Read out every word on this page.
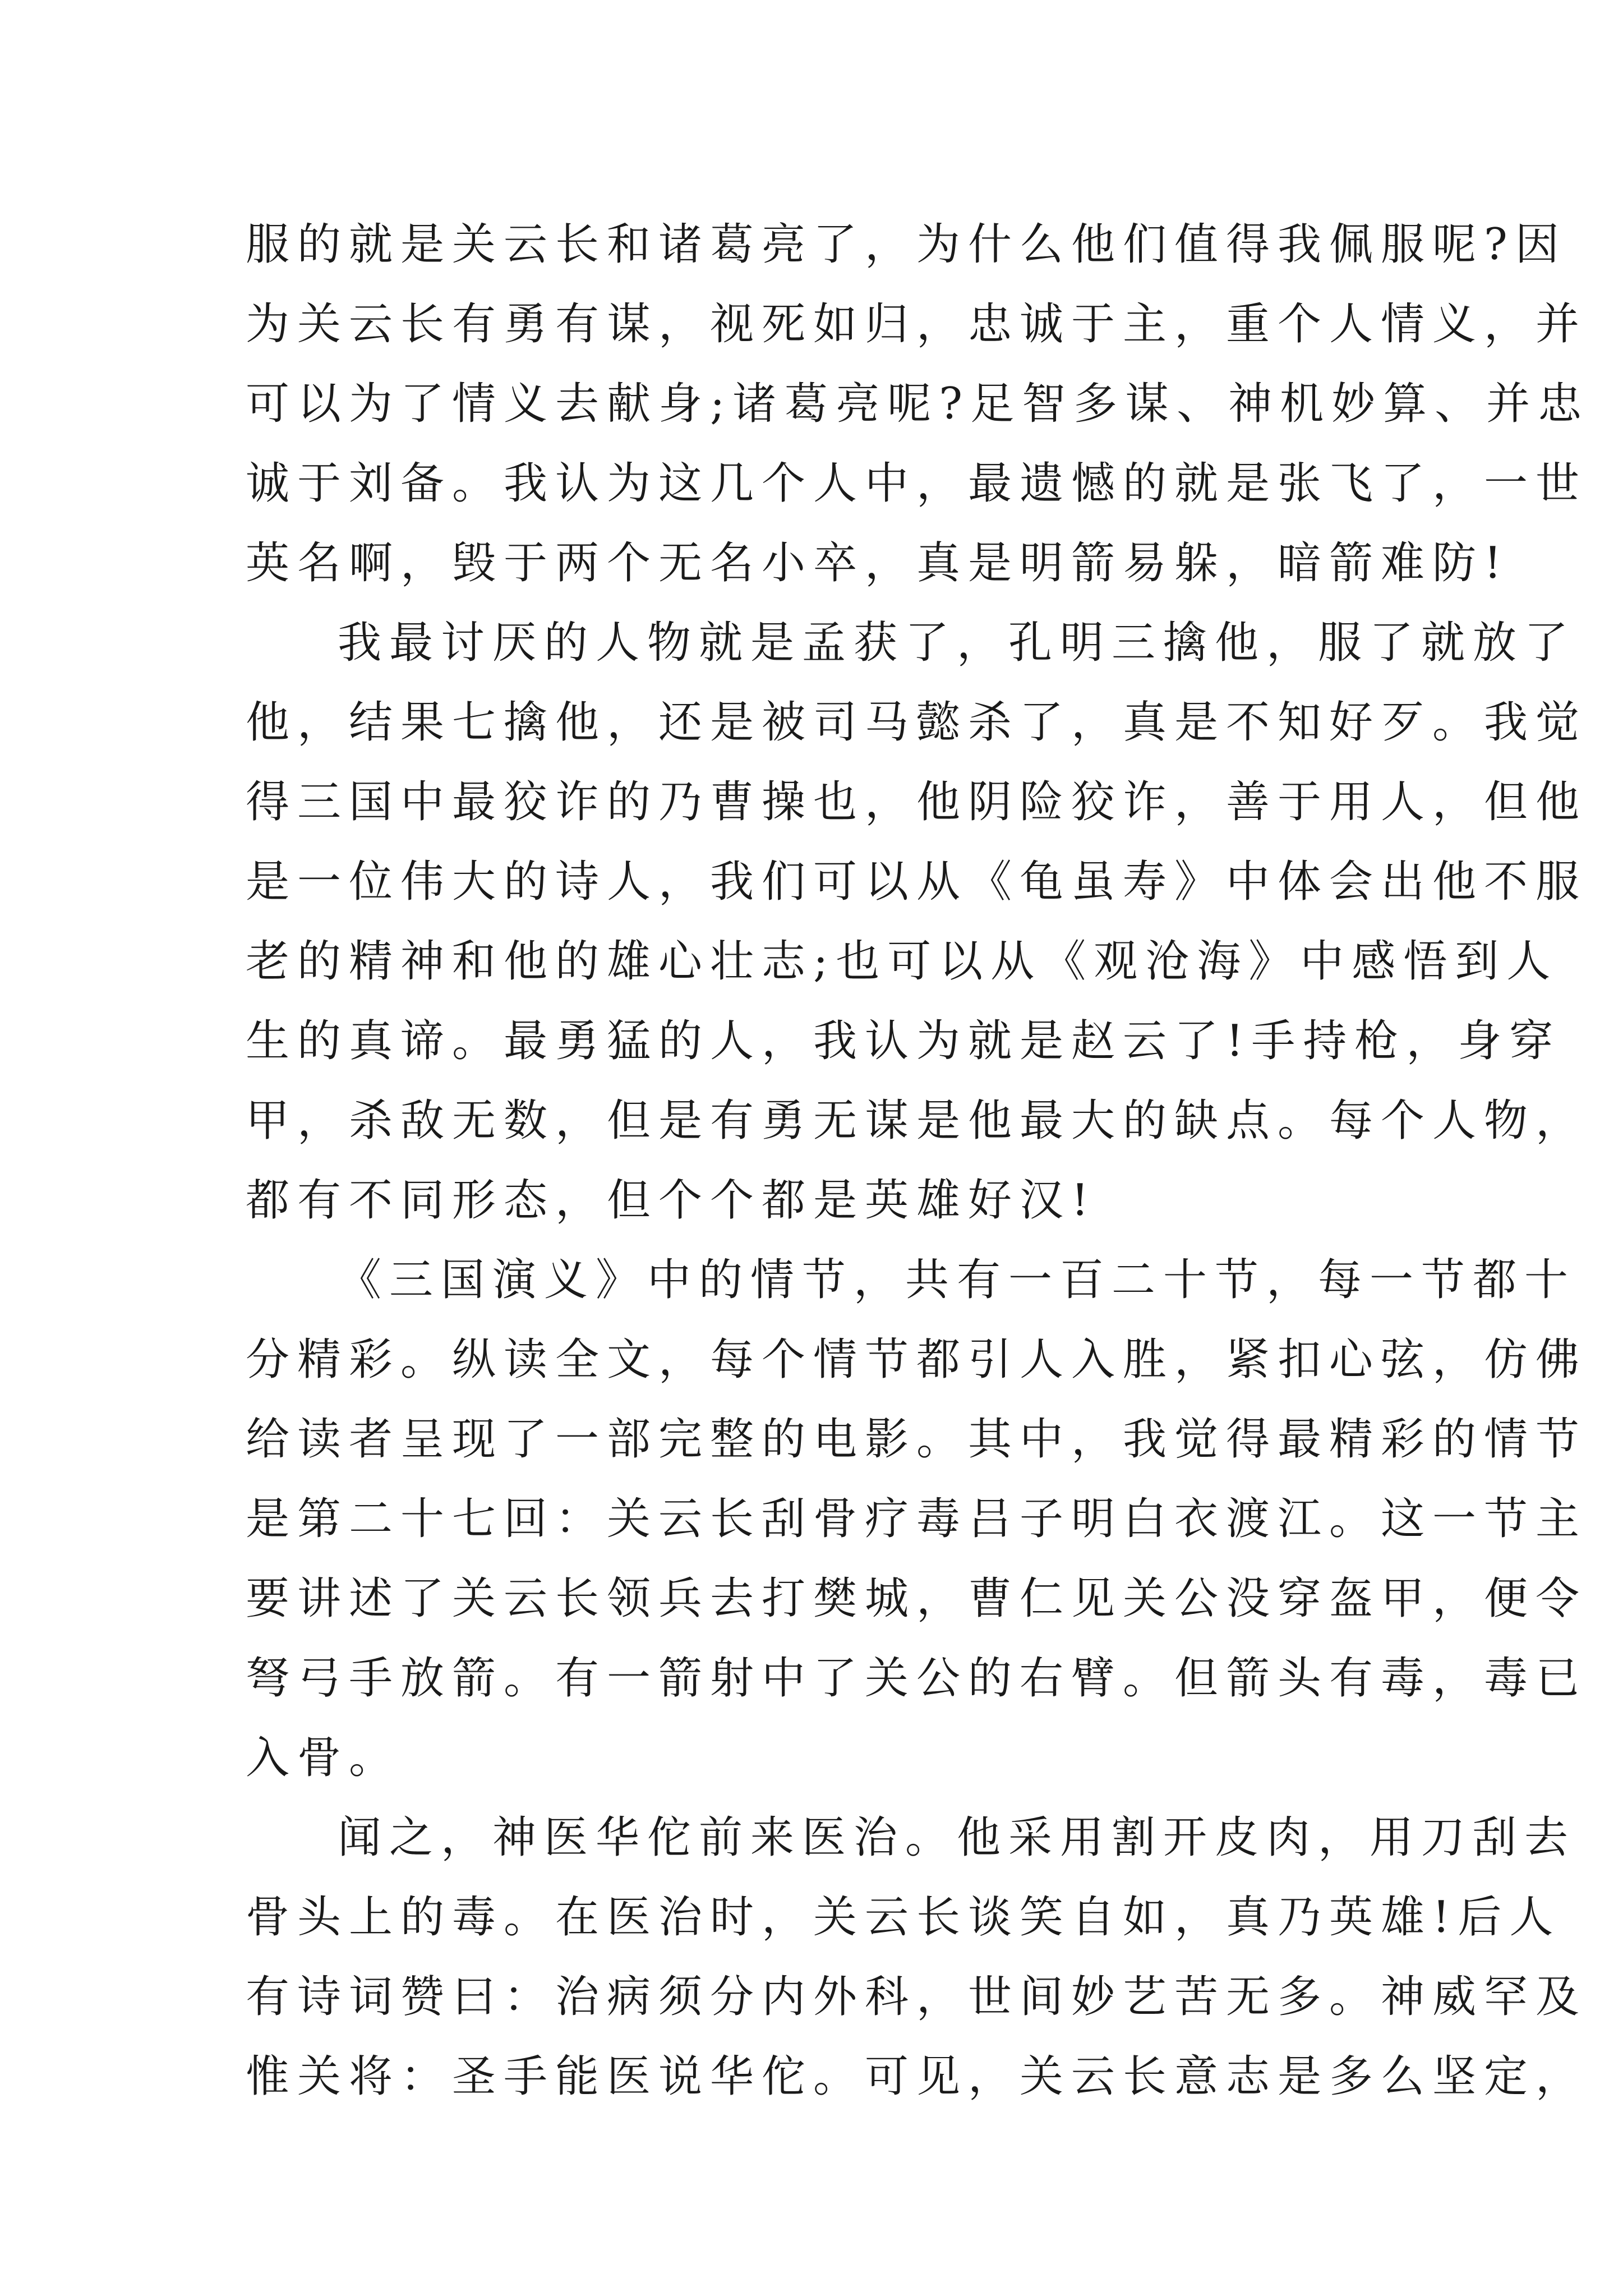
服的就是关云长和诸葛亮了，为什么他们值得我佩服呢?因
为关云长有勇有谋，视死如归，忠诚于主，重个人情义，并
可以为了情义去献身;诸葛亮呢?足智多谋、神机妙算、并忠
诚于刘备。我认为这几个人中，最遗憾的就是张飞了，一世
英名啊，毁于两个无名小卒，真是明箭易躲，暗箭难防!
我最讨厌的人物就是孟获了，孔明三擒他，服了就放了
他，结果七擒他，还是被司马懿杀了，真是不知好歹。我觉
得三国中最狡诈的乃曹操也，他阴险狡诈，善于用人，但他
是一位伟大的诗人，我们可以从《龟虽寿》中体会出他不服
老的精神和他的雄心壮志;也可以从《观沧海》中感悟到人
生的真谛。最勇猛的人，我认为就是赵云了!手持枪，身穿
甲，杀敌无数，但是有勇无谋是他最大的缺点。每个人物，
都有不同形态，但个个都是英雄好汉!
《三国演义》中的情节，共有一百二十节，每一节都十
分精彩。纵读全文，每个情节都引人入胜，紧扣心弦，仿佛
给读者呈现了一部完整的电影。其中，我觉得最精彩的情节
是第二十七回：关云长刮骨疗毒吕子明白衣渡江。这一节主
要讲述了关云长领兵去打樊城，曹仁见关公没穿盔甲，便令
弩弓手放箭。有一箭射中了关公的右臂。但箭头有毒，毒已
入骨。
闻之，神医华佗前来医治。他采用割开皮肉，用刀刮去
骨头上的毒。在医治时，关云长谈笑自如，真乃英雄!后人
有诗词赞曰：治病须分内外科，世间妙艺苦无多。神威罕及
惟关将：圣手能医说华佗。可见，关云长意志是多么坚定，
